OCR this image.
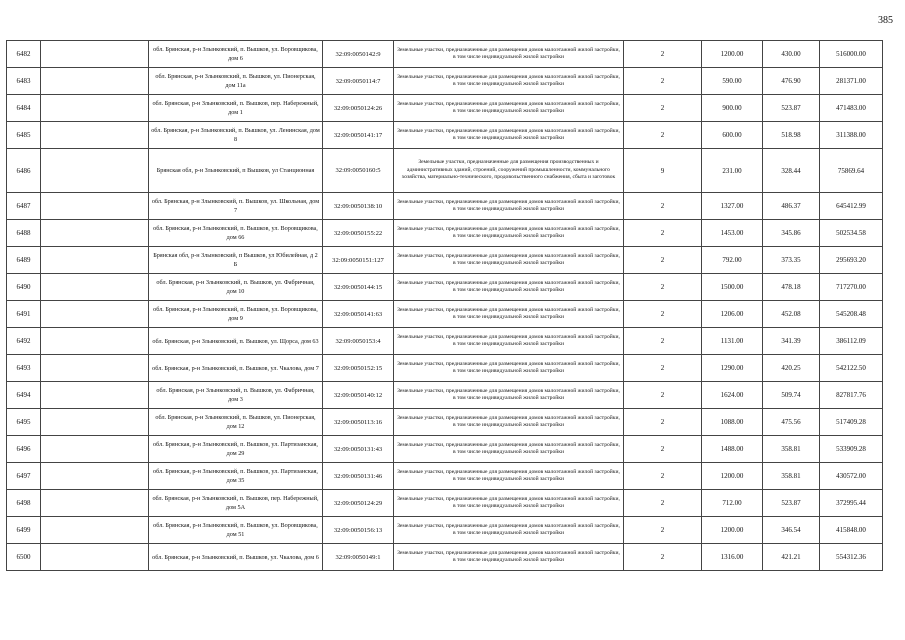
385
6482		обл. Брянская, р-н Злынковский, п. Вышков, ул. Воровщикова, дом 6	32:09:0050142:9	Земельные участки, предназначенные для размещения домов малоэтажной жилой застройки, в том числе индивидуальной жилой застройки	2	1200.00	430.00	516000.00
6483		обл. Брянская, р-н Злынковский, п. Вышков, ул. Пионерская, дом 11а	32:09:0050114:7	Земельные участки, предназначенные для размещения домов малоэтажной жилой застройки, в том числе индивидуальной жилой застройки	2	590.00	476.90	281371.00
6484		обл. Брянская, р-н Злынковский, п. Вышков, пер. Набережный, дом 1	32:09:0050124:26	Земельные участки, предназначенные для размещения домов малоэтажной жилой застройки, в том числе индивидуальной жилой застройки	2	900.00	523.87	471483.00
6485		обл. Брянская, р-н Злынковский, п. Вышков, ул. Ленинская, дом 8	32:09:0050141:17	Земельные участки, предназначенные для размещения домов малоэтажной жилой застройки, в том числе индивидуальной жилой застройки	2	600.00	518.98	311388.00
6486		Брянская обл, р-н Злынковский, п Вышков, ул Станционная	32:09:0050160:5	Земельные участки, предназначенные для размещения производственных и административных зданий, строений, сооружений промышленности, коммунального хозяйства, материально-технического, продовольственного снабжения, сбыта и заготовок	9	231.00	328.44	75869.64
6487		обл. Брянская, р-н Злынковский, п. Вышков, ул. Школьная, дом 7	32:09:0050138:10	Земельные участки, предназначенные для размещения домов малоэтажной жилой застройки, в том числе индивидуальной жилой застройки	2	1327.00	486.37	645412.99
6488		обл. Брянская, р-н Злынковский, п. Вышков, ул. Воровщикова, дом 66	32:09:0050155:22	Земельные участки, предназначенные для размещения домов малоэтажной жилой застройки, в том числе индивидуальной жилой застройки	2	1453.00	345.86	502534.58
6489		Брянская обл, р-н Злынковский, п Вышков, ул Юбилейная, д 2 Б	32:09:0050151:127	Земельные участки, предназначенные для размещения домов малоэтажной жилой застройки, в том числе индивидуальной жилой застройки	2	792.00	373.35	295693.20
6490		обл. Брянская, р-н Злынковский, п. Вышков, ул. Фабричная, дом 10	32:09:0050144:15	Земельные участки, предназначенные для размещения домов малоэтажной жилой застройки, в том числе индивидуальной жилой застройки	2	1500.00	478.18	717270.00
6491		обл. Брянская, р-н Злынковский, п. Вышков, ул. Воровщикова, дом 9	32:09:0050141:63	Земельные участки, предназначенные для размещения домов малоэтажной жилой застройки, в том числе индивидуальной жилой застройки	2	1206.00	452.08	545208.48
6492		обл. Брянская, р-н Злынковский, п. Вышков, ул. Щорса, дом 63	32:09:0050153:4	Земельные участки, предназначенные для размещения домов малоэтажной жилой застройки, в том числе индивидуальной жилой застройки	2	1131.00	341.39	386112.09
6493		обл. Брянская, р-н Злынковский, п. Вышков, ул. Чкалова, дом 7	32:09:0050152:15	Земельные участки, предназначенные для размещения домов малоэтажной жилой застройки, в том числе индивидуальной жилой застройки	2	1290.00	420.25	542122.50
6494		обл. Брянская, р-н Злынковский, п. Вышков, ул. Фабричная, дом 3	32:09:0050140:12	Земельные участки, предназначенные для размещения домов малоэтажной жилой застройки, в том числе индивидуальной жилой застройки	2	1624.00	509.74	827817.76
6495		обл. Брянская, р-н Злынковский, п. Вышков, ул. Пионерская, дом 12	32:09:0050113:16	Земельные участки, предназначенные для размещения домов малоэтажной жилой застройки, в том числе индивидуальной жилой застройки	2	1088.00	475.56	517409.28
6496		обл. Брянская, р-н Злынковский, п. Вышков, ул. Партизанская, дом 29	32:09:0050131:43	Земельные участки, предназначенные для размещения домов малоэтажной жилой застройки, в том числе индивидуальной жилой застройки	2	1488.00	358.81	533909.28
6497		обл. Брянская, р-н Злынковский, п. Вышков, ул. Партизанская, дом 35	32:09:0050131:46	Земельные участки, предназначенные для размещения домов малоэтажной жилой застройки, в том числе индивидуальной жилой застройки	2	1200.00	358.81	430572.00
6498		обл. Брянская, р-н Злынковский, п. Вышков, пер. Набережный, дом 5А	32:09:0050124:29	Земельные участки, предназначенные для размещения домов малоэтажной жилой застройки, в том числе индивидуальной жилой застройки	2	712.00	523.87	372995.44
6499		обл. Брянская, р-н Злынковский, п. Вышков, ул. Воровщикова, дом 51	32:09:0050156:13	Земельные участки, предназначенные для размещения домов малоэтажной жилой застройки, в том числе индивидуальной жилой застройки	2	1200.00	346.54	415848.00
6500		обл. Брянская, р-н Злынковский, п. Вышков, ул. Чкалова, дом 6	32:09:0050149:1	Земельные участки, предназначенные для размещения домов малоэтажной жилой застройки, в том числе индивидуальной жилой застройки	2	1316.00	421.21	554312.36
